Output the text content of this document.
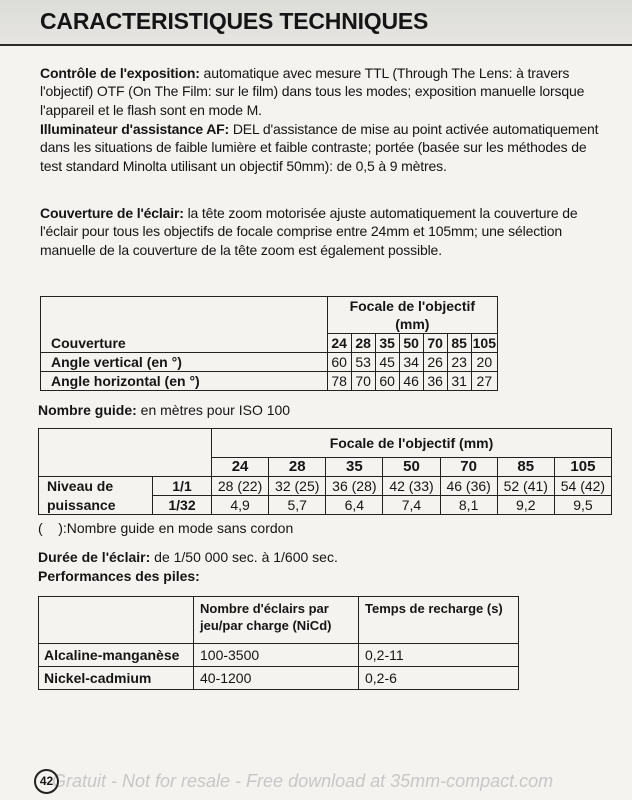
CARACTERISTIQUES TECHNIQUES
Contrôle de l'exposition: automatique avec mesure TTL (Through The Lens: à travers l'objectif) OTF (On The Film: sur le film) dans tous les modes; exposition manuelle lorsque l'appareil et le flash sont en mode M.
Illuminateur d'assistance AF: DEL d'assistance de mise au point activée automatiquement dans les situations de faible lumière et faible contraste; portée (basée sur les méthodes de test standard Minolta utilisant un objectif 50mm): de 0,5 à 9 mètres.
Couverture de l'éclair: la tête zoom motorisée ajuste automatiquement la couverture de l'éclair pour tous les objectifs de focale comprise entre 24mm et 105mm; une sélection manuelle de la couverture de la tête zoom est également possible.
	Focale de l'objectif (mm)						
Couverture	24	28	35	50	70	85	105
Angle vertical (en °)	60	53	45	34	26	23	20
Angle horizontal (en °)	78	70	60	46	36	31	27
Nombre guide: en mètres pour ISO 100
		Focale de l'objectif (mm)						
		24	28	35	50	70	85	105
Niveau de	1/1	28 (22)	32 (25)	36 (28)	42 (33)	46 (36)	52 (41)	54 (42)
puissance	1/32	4,9	5,7	6,4	7,4	8,1	9,2	9,5
(    ):Nombre guide en mode sans cordon
Durée de l'éclair: de 1/50 000 sec. à 1/600 sec.
Performances des piles:
	Nombre d'éclairs par jeu/par charge (NiCd)	Temps de recharge (s)
Alcaline-manganèse	100-3500	0,2-11
Nickel-cadmium	40-1200	0,2-6
Gratuit - Not for resale - Free download at 35mm-compact.com
42
